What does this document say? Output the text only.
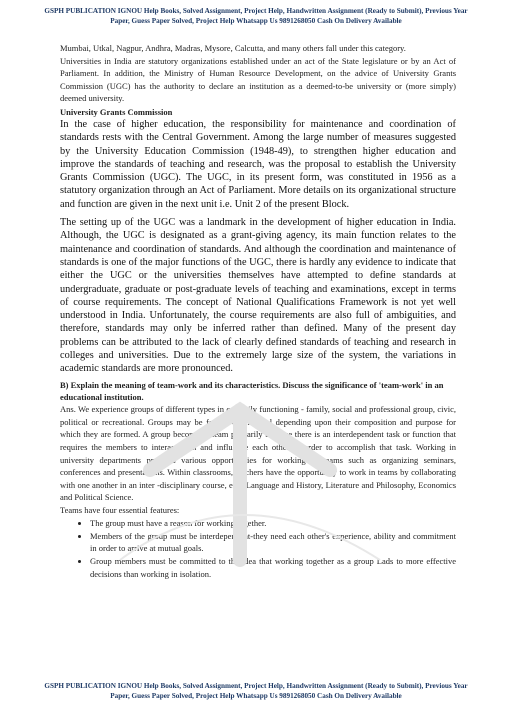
GSPH PUBLICATION IGNOU Help Books, Solved Assignment, Project Help, Handwritten Assignment (Ready to Submit), Previous Year Paper, Guess Paper Solved, Project Help Whatsapp Us 9891268050 Cash On Delivery Available

Mumbai, Utkal, Nagpur, Andhra, Madras, Mysore, Calcutta, and many others fall under this category.

Universities in India are statutory organizations established under an act of the State legislature or by an Act of Parliament. In addition, the Ministry of Human Resource Development, on the advice of University Grants Commission (UGC) has the authority to declare an institution as a deemed-to-be university or (more simply) deemed university.

University Grants Commission

In the case of higher education, the responsibility for maintenance and coordination of standards rests with the Central Government. Among the large number of measures suggested by the University Education Commission (1948-49), to strengthen higher education and improve the standards of teaching and research, was the proposal to establish the University Grants Commission (UGC). The UGC, in its present form, was constituted in 1956 as a statutory organization through an Act of Parliament. More details on its organizational structure and function are given in the next unit i.e. Unit 2 of the present Block.

The setting up of the UGC was a landmark in the development of higher education in India. Although, the UGC is designated as a grant-giving agency, its main function relates to the maintenance and coordination of standards. And although the coordination and maintenance of standards is one of the major functions of the UGC, there is hardly any evidence to indicate that either the UGC or the universities themselves have attempted to define standards at undergraduate, graduate or post-graduate levels of teaching and examinations, except in terms of course requirements. The concept of National Qualifications Framework is not yet well understood in India. Unfortunately, the course requirements are also full of ambiguities, and therefore, standards may only be inferred rather than defined. Many of the present day problems can be attributed to the lack of clearly defined standards of teaching and research in colleges and universities. Due to the extremely large size of the system, the variations in academic standards are more pronounced.

B) Explain the meaning of team-work and its characteristics. Discuss the significance of 'team-work' in an educational institution.

Ans. We experience groups of different types in our daily functioning - family, social and professional group, civic, political or recreational. Groups may be formal or informal depending upon their composition and purpose for which they are formed. A group becomes a team primarily because there is an interdependent task or function that requires the members to interact with and influence each other in order to accomplish that task. Working in university departments provides various opportunities for working in teams such as organizing seminars, conferences and presentations. Within classrooms, teachers have the opportunity to work in teams by collaborating with one another in an inter -disciplinary course, e.g., Language and History, Literature and Philosophy, Economics and Political Science.

Teams have four essential features:

• The group must have a reason for working together.
• Members of the group must be interdependent-they need each other's experience, ability and commitment in order to arrive at mutual goals.
• Group members must be committed to the idea that working together as a group Lads to more effective decisions than working in isolation.
GSPH PUBLICATION IGNOU Help Books, Solved Assignment, Project Help, Handwritten Assignment (Ready to Submit), Previous Year Paper, Guess Paper Solved, Project Help Whatsapp Us 9891268050 Cash On Delivery Available
